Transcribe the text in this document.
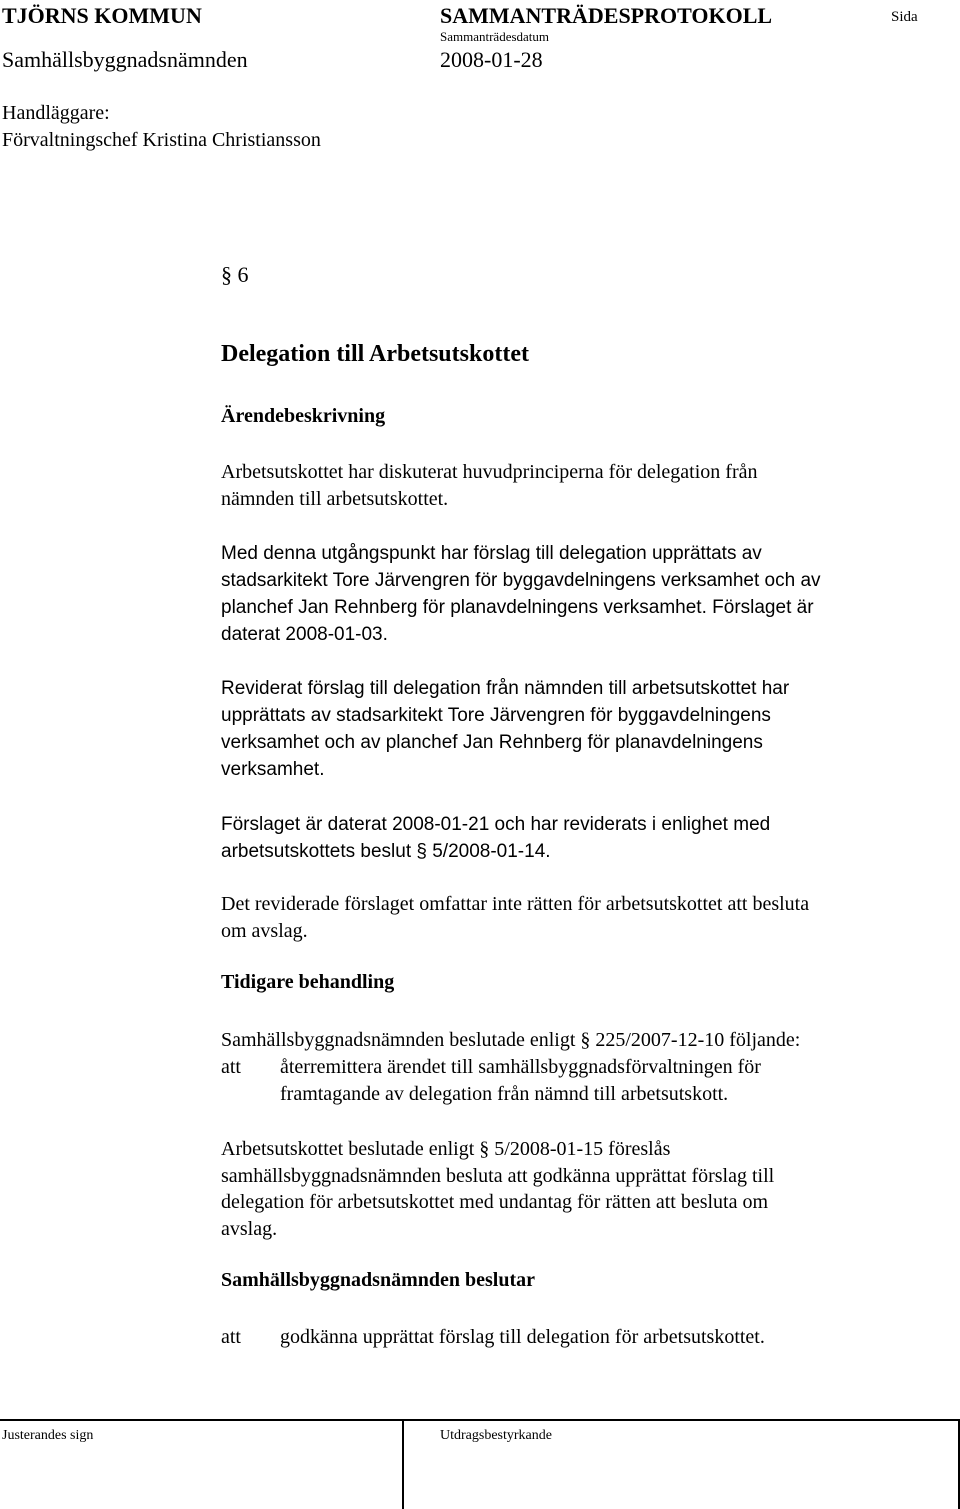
TJÖRNS KOMMUN	SAMMANTRÄDESPROTOKOLL	Sida
Sammanträdesdatum
Samhällsbyggnadsnämnden	2008-01-28
Handläggare:
Förvaltningschef Kristina Christiansson
§ 6
Delegation till Arbetsutskottet
Ärendebeskrivning
Arbetsutskottet har diskuterat huvudprinciperna för delegation från
nämnden till arbetsutskottet.
Med denna utgångspunkt har förslag till delegation upprättats av
stadsarkitekt Tore Järvengren för byggavdelningens verksamhet och av
planchef Jan Rehnberg för planavdelningens verksamhet. Förslaget är
daterat 2008-01-03.
Reviderat förslag till delegation från nämnden till arbetsutskottet har
upprättats av stadsarkitekt Tore Järvengren för byggavdelningens
verksamhet och av planchef Jan Rehnberg för planavdelningens
verksamhet.
Förslaget är daterat 2008-01-21 och har reviderats i enlighet med
arbetsutskottets beslut § 5/2008-01-14.
Det reviderade förslaget omfattar inte rätten för arbetsutskottet att besluta
om avslag.
Tidigare behandling
Samhällsbyggnadsnämnden beslutade enligt § 225/2007-12-10 följande:
att återremittera ärendet till samhällsbyggnadsförvaltningen för
framtagande av delegation från nämnd till arbetsutskott.
Arbetsutskottet beslutade enligt § 5/2008-01-15 föreslås
samhällsbyggnadsnämnden besluta att godkänna upprättat förslag till
delegation för arbetsutskottet med undantag för rätten att besluta om
avslag.
Samhällsbyggnadsnämnden beslutar
att godkänna upprättat förslag till delegation för arbetsutskottet.
Justerandes sign	Utdragsbestyrkande
